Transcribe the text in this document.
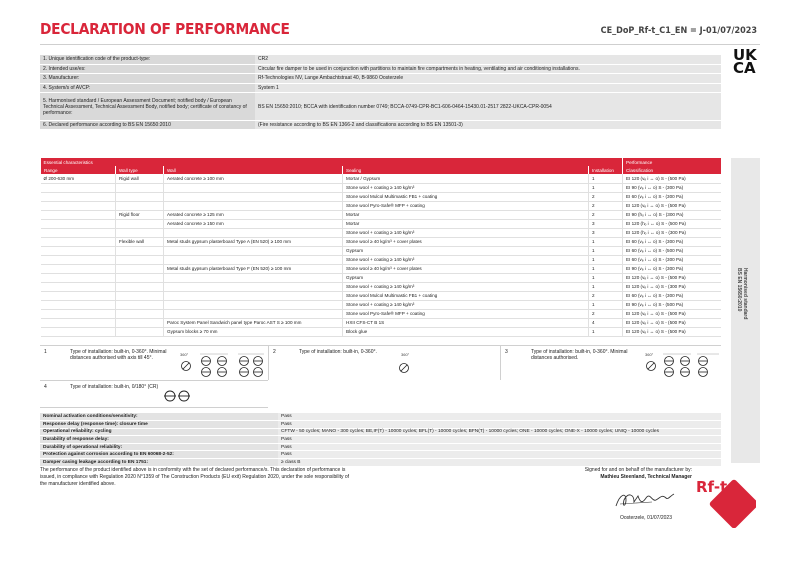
DECLARATION OF PERFORMANCE	CE_DoP_Rf-t_C1_EN = J-01/07/2023
UK
CA
1. Unique identification code of the product-type:	CR2
2. Intended use/es:	Circular fire damper to be used in conjunction with partitions to maintain fire compartments in heating, ventilating and air conditioning installations.
3. Manufacturer:	Rf-Technologies NV, Lange Ambachtstraat 40, B-9860 Oosterzele
4. System/s of AVCP:	System 1
5. Harmonised standard / European Assessment Document; notified body / European Technical Assessment, Technical Assessment Body, notified body; certificate of constancy of performance:	BS EN 15650:2010; BCCA with identification number 0749; BCCA-0749-CPR-BC1-606-0464-15430.01-2517 2822-UKCA-CPR-0054
6. Declared performance according to BS EN 15650:2010	(Fire resistance according to BS EN 1366-2 and classifications according to BS EN 13501-3)
Essential characteristics					Performance
Range	Wall type	Wall	Sealing	Installation	Classification
Ø 200-630 mm	Rigid wall	Aerated concrete ≥ 100 mm	Mortar / Gypsum	1	EI 120 (vₑ i ↔ o) S - (500 Pa)
			Stone wool + coating ≥ 140 kg/m³	1	EI 90 (vₑ i ↔ o) S - (300 Pa)
			Stone wool Mulcol Multimastic FB1 + coating	2	EI 60 (vₑ i ↔ o) S - (300 Pa)
			Stone wool Pyro-Safe® MFP + coating	2	EI 120 (vₑ i ↔ o) S - (500 Pa)
	Rigid floor	Aerated concrete ≥ 125 mm	Mortar	2	EI 90 (hₒ i ↔ o) S - (300 Pa)
		Aerated concrete ≥ 150 mm	Mortar	3	EI 120 (hₒ i ↔ o) S - (500 Pa)
			Stone wool + coating ≥ 140 kg/m³	3	EI 120 (hₒ i ↔ o) S - (300 Pa)
	Flexible wall	Metal studs gypsum plasterboard Type A (EN 520) ≥ 100 mm	Stone wool ≥ 40 kg/m³ + cover plates	1	EI 60 (vₑ i ↔ o) S - (300 Pa)
			Gypsum	1	EI 60 (vₑ i ↔ o) S - (500 Pa)
			Stone wool + coating ≥ 140 kg/m³	1	EI 60 (vₑ i ↔ o) S - (300 Pa)
		Metal studs gypsum plasterboard Type F (EN 520) ≥ 100 mm	Stone wool ≥ 40 kg/m³ + cover plates	1	EI 90 (vₑ i ↔ o) S - (300 Pa)
			Gypsum	1	EI 120 (vₑ i ↔ o) S - (500 Pa)
			Stone wool + coating ≥ 140 kg/m³	1	EI 120 (vₑ i ↔ o) S - (300 Pa)
			Stone wool Mulcol Multimastic FB1 + coating	2	EI 60 (vₑ i ↔ o) S - (300 Pa)
			Stone wool + coating ≥ 140 kg/m³	1	EI 90 (vₑ i ↔ o) S - (500 Pa)
			Stone wool Pyro-Safe® MFP + coating	2	EI 120 (vₑ i ↔ o) S - (500 Pa)
		Paroc System Panel Sandwich panel type Paroc AST S ≥ 100 mm	HXII CFS-CT B 1S	4	EI 120 (vₑ i ↔ o) S - (500 Pa)
		Gypsum blocks ≥ 70 mm	Block glue	1	EI 120 (vₑ i ↔ o) S - (500 Pa)
Harmonised standard
BS EN 15650:2010
1	Type of installation: built-in, 0-360°. Minimal distances authorised with axis till 45°.
360°	2	Type of installation: built-in, 0-360°.	360°	3	Type of installation: built-in, 0-360°. Minimal distances authorised.
360°
4	Type of installation: built-in, 0/180° (CR)
Nominal activation conditions/sensitivity:	Pass
Response delay (response time): closure time	Pass
Operational reliability: cycling	CFTW - 50 cycles; MANO - 300 cycles; BE,IF(T) - 10000 cycles; BFL(T) - 10000 cycles; BFN(T) - 10000 cycles; ONE - 10000 cycles; ONE-X - 10000 cycles; UNIQ - 10000 cycles
Durability of response delay:	Pass
Durability of operational reliability:	Pass
Protection against corrosion according to EN 60068-2-52:	Pass
Damper casing leakage according to EN 1751:	≥ class B
The performance of the product identified above is in conformity with the set of declared performance/s. This declaration of performance is issued, in compliance with Regulation 2020 N°1359 of The Construction Products (EU exit) Regulation 2020, under the sole responsibility of the manufacturer identified above.
Signed for and on behalf of the manufacturer by:
Mathieu Steenland, Technical Manager
Oosterzele, 01/07/2023
Rf-t
